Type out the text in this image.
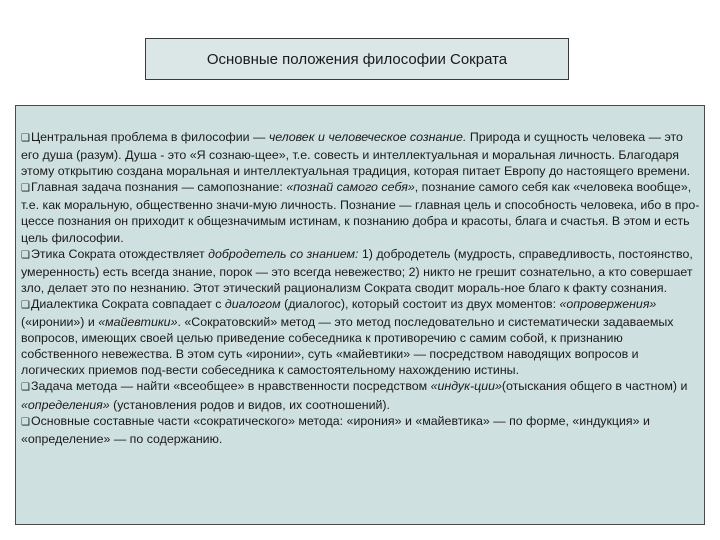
Основные положения философии Сократа

❑Центральная проблема в философии — человек и человеческое сознание. Природа и сущность человека — это его душа (разум). Душа - это «Я сознаю-щее», т.е. совесть и интеллектуальная и моральная личность. Благодаря этому открытию создана моральная и интеллектуальная традиция, которая питает Европу до настоящего времени.

❑Главная задача познания — самопознание: «познай самого себя», познание самого себя как «человека вообще», т.е. как моральную, общественно значи-мую личность. Познание — главная цель и способность человека, ибо в про-цессе познания он приходит к общезначимым истинам, к познанию добра и красоты, блага и счастья. В этом и есть цель философии.

❑Этика Сократа отождествляет добродетель со знанием: 1) добродетель (мудрость, справедливость, постоянство, умеренность) есть всегда знание, порок — это всегда невежество; 2) никто не грешит сознательно, а кто совершает зло, делает это по незнанию. Этот этический рационализм Сократа сводит мораль-ное благо к факту сознания.

❑Диалектика Сократа совпадает с диалогом (диалогос), который состоит из двух моментов: «опровержения» («иронии») и «майевтики». «Сократовский» метод — это метод последовательно и систематически задаваемых вопросов, имеющих своей целью приведение собеседника к противоречию с самим собой, к признанию собственного невежества. В этом суть «иронии», суть «майевтики» — посредством наводящих вопросов и логических приемов под-вести собеседника к самостоятельному нахождению истины.

❑Задача метода — найти «всеобщее» в нравственности посредством «индук-ции»(отыскания общего в частном) и «определения» (установления родов и видов, их соотношений).

❑Основные составные части «сократического» метода: «ирония» и «майевтика» — по форме, «индукция» и «определение» — по содержанию.
